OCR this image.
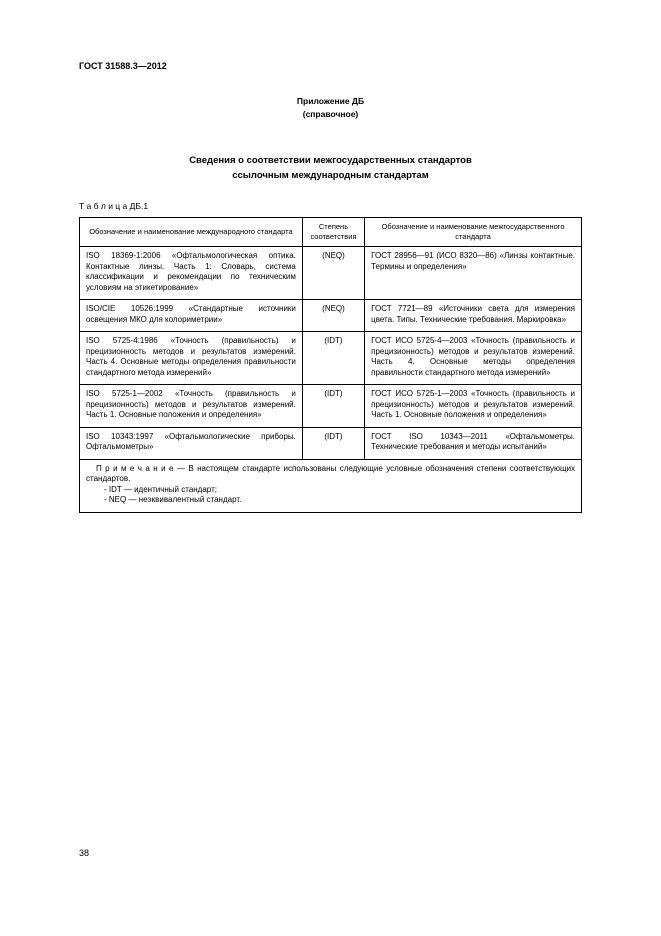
ГОСТ 31588.3—2012
Приложение ДБ
(справочное)
Сведения о соответствии межгосударственных стандартов
ссылочным международным стандартам
Т а б л и ц а ДБ.1
Обозначение и наименование международного стандарта	Степень соответствия	Обозначение и наименование межгосударственного стандарта
ISO 18369-1:2006 «Офтальмологическая оптика. Контактные линзы. Часть 1: Словарь, система классификации и рекомендации по техническим условиям на этикетирование»	(NEQ)	ГОСТ 28956—91 (ИСО 8320—86) «Линзы контактные. Термины и определения»
ISO/CIE 10526:1999 «Стандартные источники освещения МКО для колориметрии»	(NEQ)	ГОСТ 7721—89 «Источники света для измерения цвета. Типы. Технические требования. Маркировка»
ISO 5725-4:1986 «Точность (правильность) и прецизионность методов и результатов измерений. Часть 4. Основные методы определения правильности стандартного метода измерений»	(IDT)	ГОСТ ИСО 5725-4—2003 «Точность (правильность и прецизионность) методов и результатов измерений. Часть 4. Основные методы определения правильности стандартного метода измерений»
ISO 5725-1—2002 «Точность (правильность и прецизионность) методов и результатов измерений. Часть 1. Основные положения и определения»	(IDT)	ГОСТ ИСО 5725-1—2003 «Точность (правильность и прецизионность) методов и результатов измерений. Часть 1. Основные положения и определения»
ISO 10343:1997 «Офтальмологические приборы. Офтальмометры»	(IDT)	ГОСТ ISO 10343—2011 «Офтальмометры. Технические требования и методы испытаний»

П р и м е ч а н и е — В настоящем стандарте использованы следующие условные обозначения степени соответствующих стандартов.
- IDT — идентичный стандарт;
- NEQ — неэквивалентный стандарт.		
38
